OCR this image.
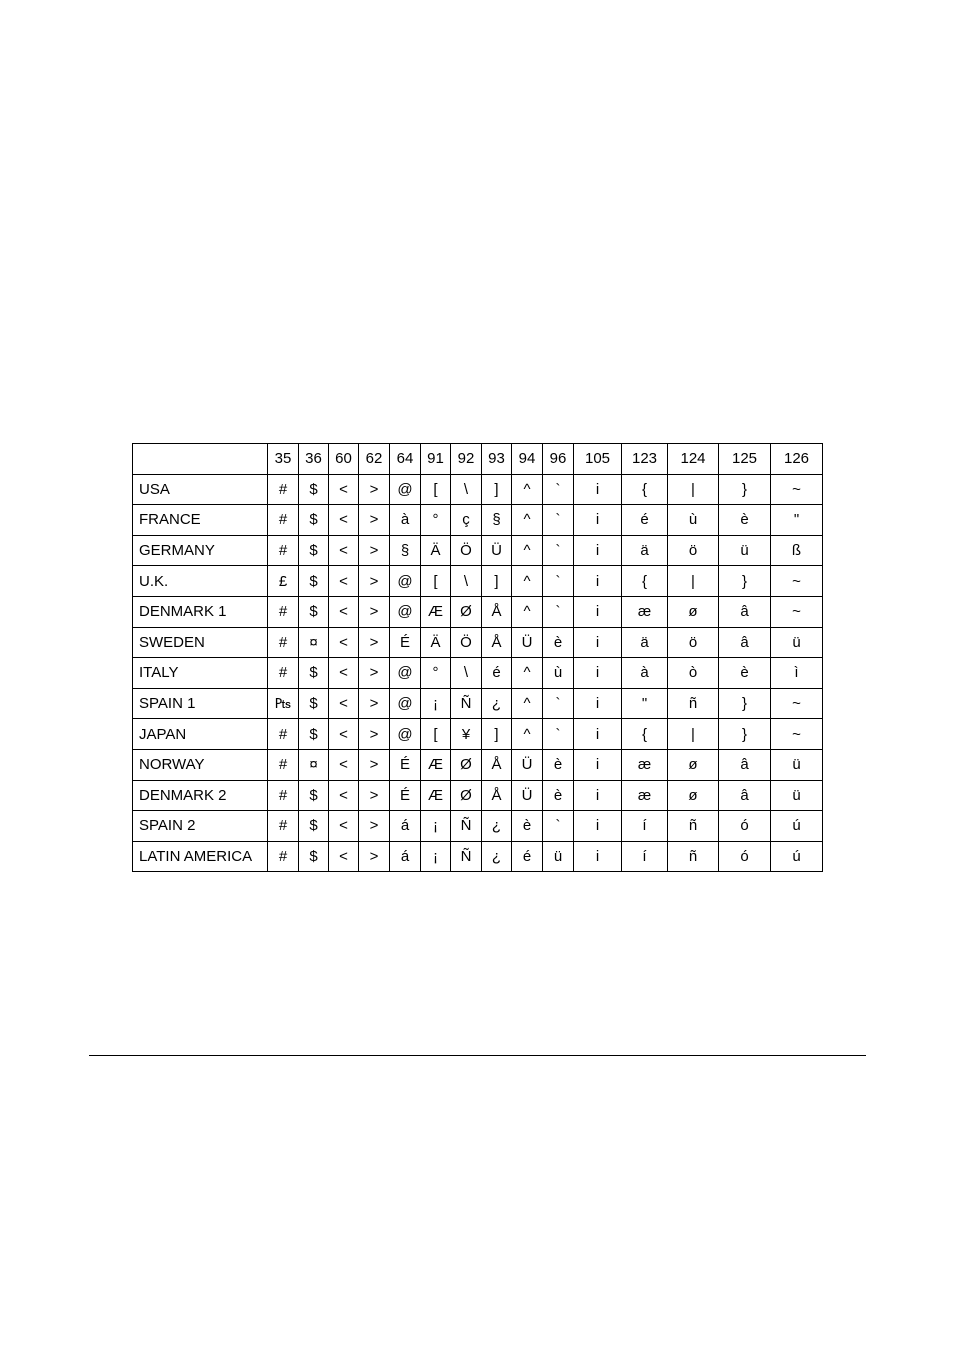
	35	36	60	62	64	91	92	93	94	96	105	123	124	125	126
USA	#	$	<	>	@	[	\	]	^	`	i	{	|	}	~
FRANCE	#	$	<	>	à	°	ç	§	^	`	i	é	ù	è	"
GERMANY	#	$	<	>	§	Ä	Ö	Ü	^	`	i	ä	ö	ü	ß
U.K.	£	$	<	>	@	[	\	]	^	`	i	{	|	}	~
DENMARK 1	#	$	<	>	@	Æ	Ø	Å	^	`	i	æ	ø	â	~
SWEDEN	#	¤	<	>	É	Ä	Ö	Å	Ü	è	i	ä	ö	â	ü
ITALY	#	$	<	>	@	°	\	é	^	ù	i	à	ò	è	ì
SPAIN 1	₧	$	<	>	@	¡	Ñ	¿	^	`	i	"	ñ	}	~
JAPAN	#	$	<	>	@	[	¥	]	^	`	i	{	|	}	~
NORWAY	#	¤	<	>	É	Æ	Ø	Å	Ü	è	i	æ	ø	â	ü
DENMARK 2	#	$	<	>	É	Æ	Ø	Å	Ü	è	i	æ	ø	â	ü
SPAIN 2	#	$	<	>	á	¡	Ñ	¿	è	`	i	í	ñ	ó	ú
LATIN AMERICA	#	$	<	>	á	¡	Ñ	¿	é	ü	i	í	ñ	ó	ú
